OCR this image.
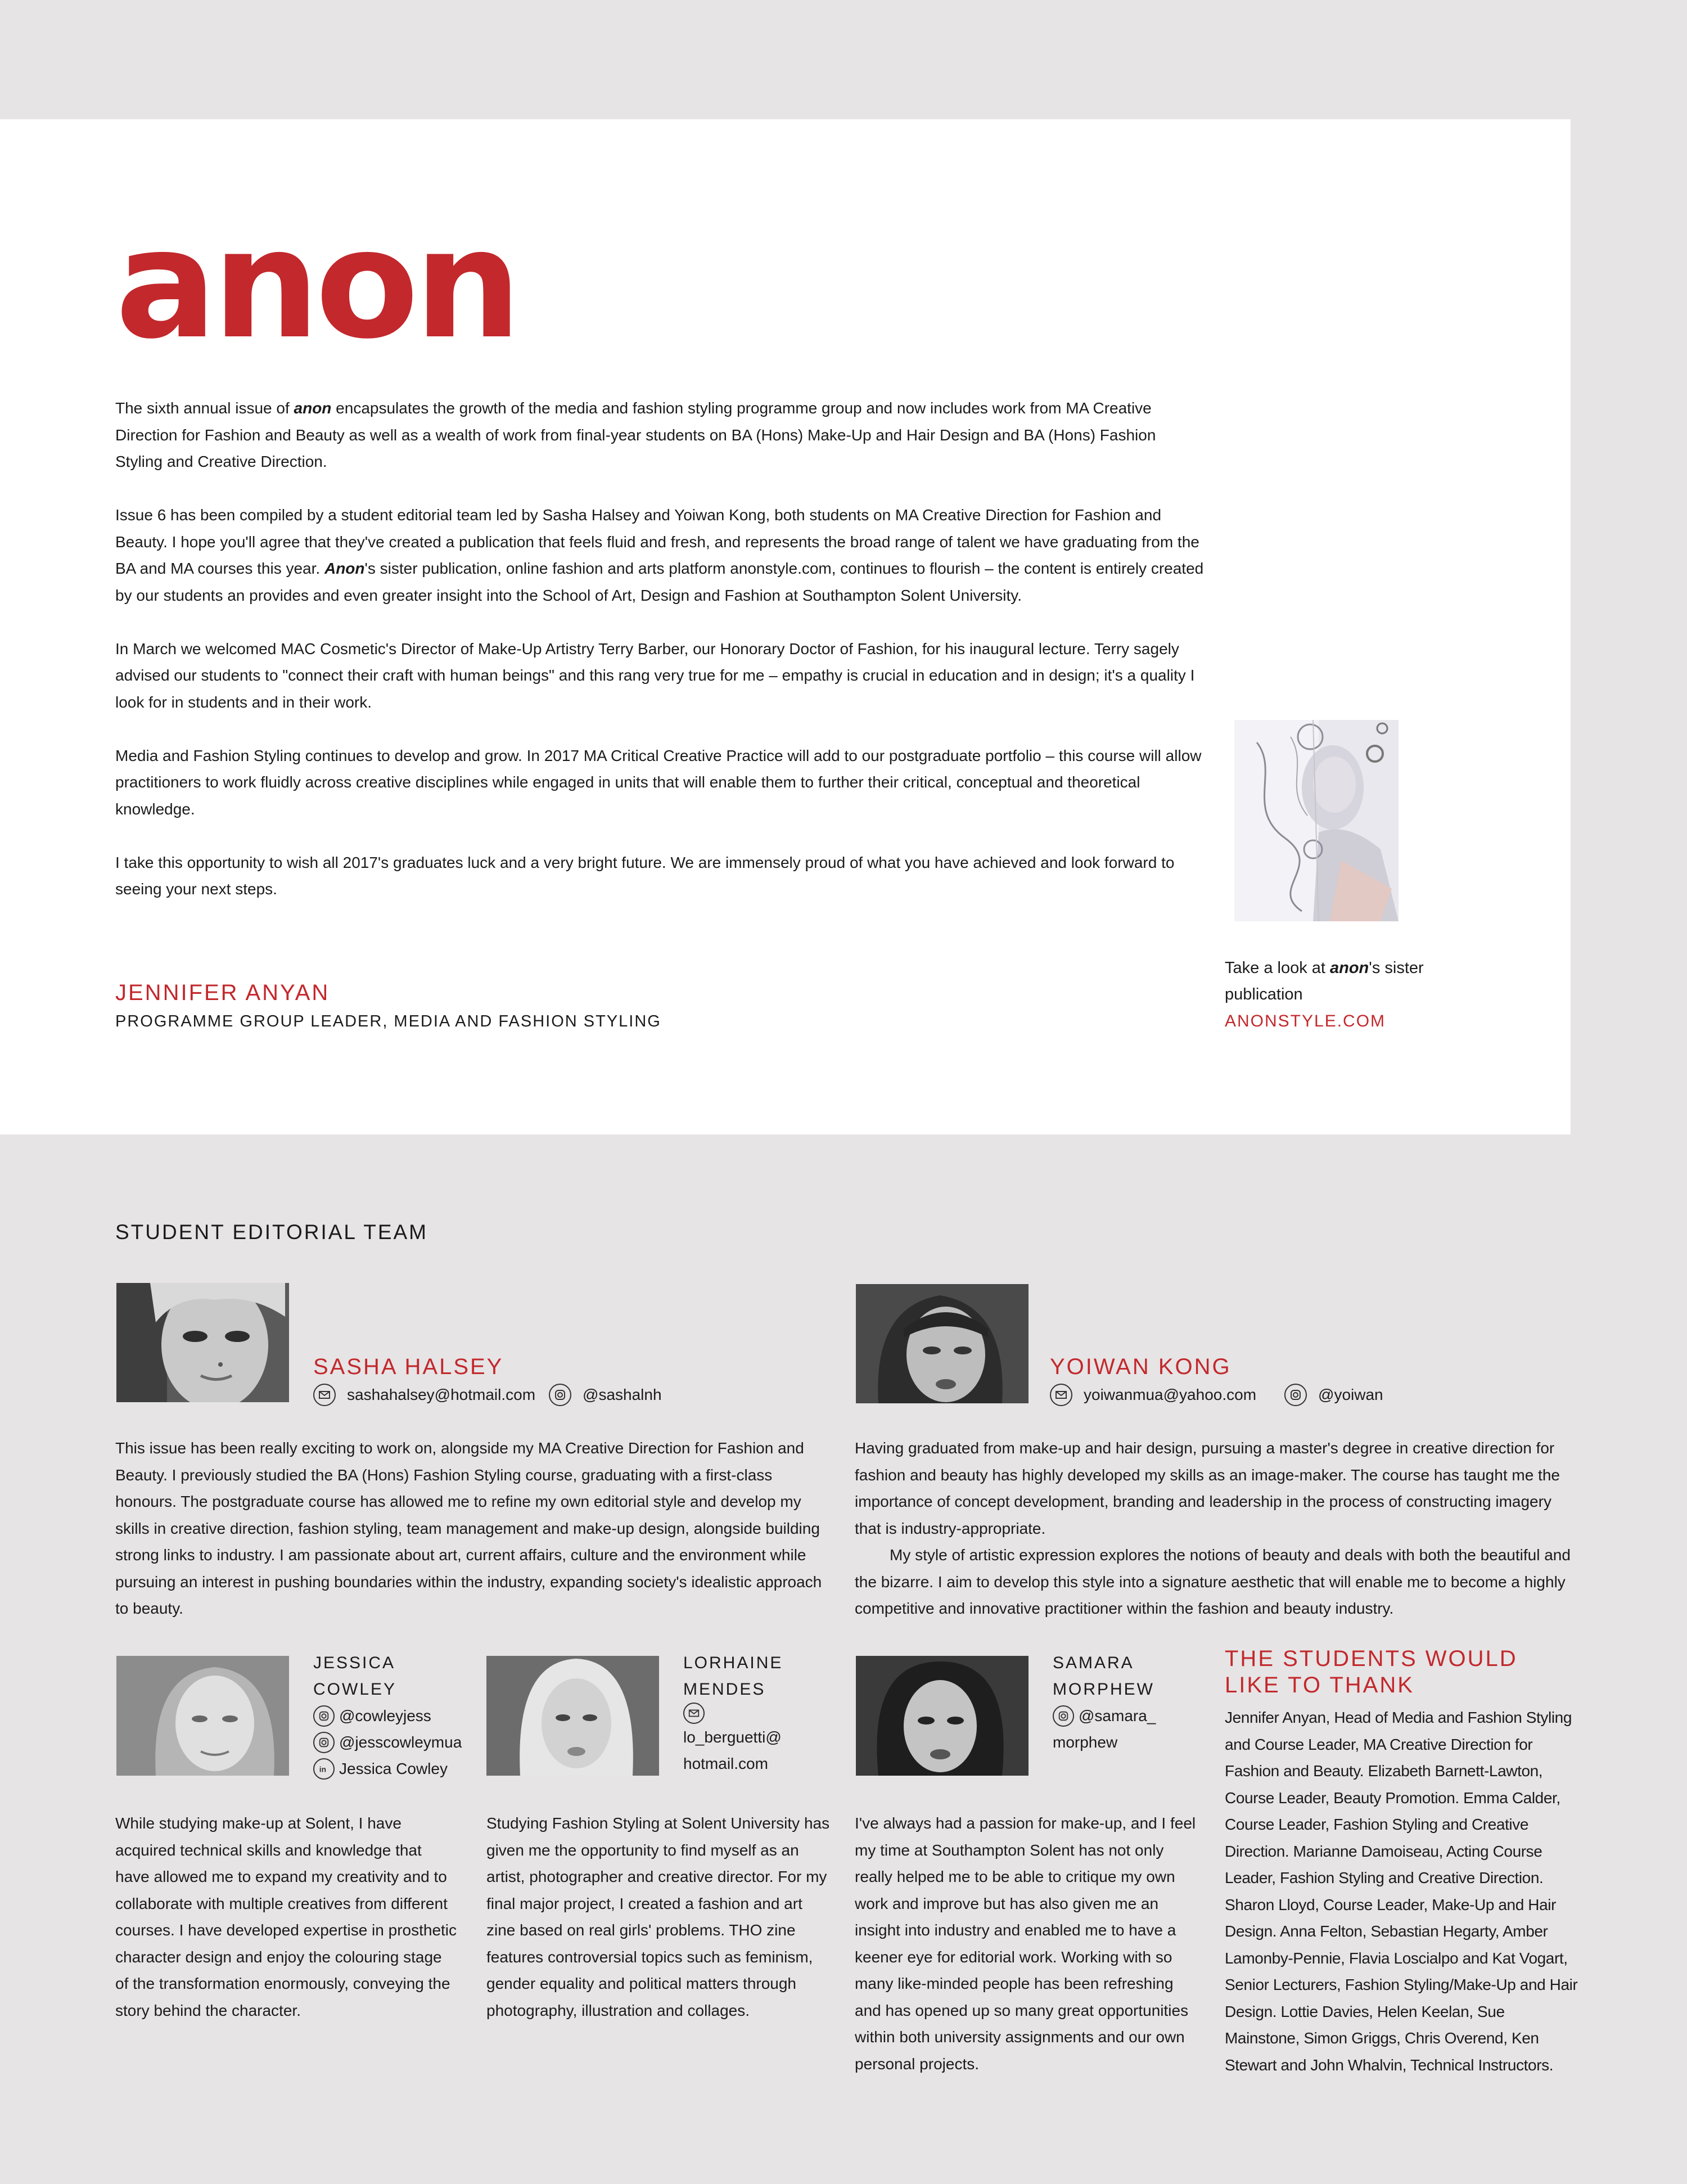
anon

The sixth annual issue of anon encapsulates the growth of the media and fashion styling programme group and now includes work from MA Creative Direction for Fashion and Beauty as well as a wealth of work from final-year students on BA (Hons) Make-Up and Hair Design and BA (Hons) Fashion Styling and Creative Direction.

Issue 6 has been compiled by a student editorial team led by Sasha Halsey and Yoiwan Kong, both students on MA Creative Direction for Fashion and Beauty. I hope you'll agree that they've created a publication that feels fluid and fresh, and represents the broad range of talent we have graduating from the BA and MA courses this year. Anon's sister publication, online fashion and arts platform anonstyle.com, continues to flourish – the content is entirely created by our students an provides and even greater insight into the School of Art, Design and Fashion at Southampton Solent University.

In March we welcomed MAC Cosmetic's Director of Make-Up Artistry Terry Barber, our Honorary Doctor of Fashion, for his inaugural lecture. Terry sagely advised our students to "connect their craft with human beings" and this rang very true for me – empathy is crucial in education and in design; it's a quality I look for in students and in their work.

Media and Fashion Styling continues to develop and grow. In 2017 MA Critical Creative Practice will add to our postgraduate portfolio – this course will allow practitioners to work fluidly across creative disciplines while engaged in units that will enable them to further their critical, conceptual and theoretical knowledge.

I take this opportunity to wish all 2017's graduates luck and a very bright future. We are immensely proud of what you have achieved and look forward to seeing your next steps.

JENNIFER ANYAN
PROGRAMME GROUP LEADER, MEDIA AND FASHION STYLING
Take a look at anon's sister publication
ANONSTYLE.COM
STUDENT EDITORIAL TEAM
SASHA HALSEY
sashahalsey@hotmail.com	@sashalnh
This issue has been really exciting to work on, alongside my MA Creative Direction for Fashion and Beauty. I previously studied the BA (Hons) Fashion Styling course, graduating with a first-class honours. The postgraduate course has allowed me to refine my own editorial style and develop my skills in creative direction, fashion styling, team management and make-up design, alongside building strong links to industry. I am passionate about art, current affairs, culture and the environment while pursuing an interest in pushing boundaries within the industry, expanding society's idealistic approach to beauty.
YOIWAN KONG
yoiwanmua@yahoo.com	@yoiwan

Having graduated from make-up and hair design, pursuing a master's degree in creative direction for fashion and beauty has highly developed my skills as an image-maker. The course has taught me the importance of concept development, branding and leadership in the process of constructing imagery that is industry-appropriate.

My style of artistic expression explores the notions of beauty and deals with both the beautiful and the bizarre. I aim to develop this style into a signature aesthetic that will enable me to become a highly competitive and innovative practitioner within the fashion and beauty industry.

JESSICA
COWLEY
@cowleyjess
@jesscowleymua
in Jessica Cowley
While studying make-up at Solent, I have acquired technical skills and knowledge that have allowed me to expand my creativity and to collaborate with multiple creatives from different courses. I have developed expertise in prosthetic character design and enjoy the colouring stage of the transformation enormously, conveying the story behind the character.
LORHAINE
MENDES
lo_berguetti@
hotmail.com
Studying Fashion Styling at Solent University has given me the opportunity to find myself as an artist, photographer and creative director. For my final major project, I created a fashion and art zine based on real girls' problems. THO zine features controversial topics such as feminism, gender equality and political matters through photography, illustration and collages.
SAMARA
MORPHEW
@samara_
morphew
I've always had a passion for make-up, and I feel my time at Southampton Solent has not only really helped me to be able to critique my own work and improve but has also given me an insight into industry and enabled me to have a keener eye for editorial work. Working with so many like-minded people has been refreshing and has opened up so many great opportunities within both university assignments and our own personal projects.
THE STUDENTS WOULD
LIKE TO THANK
Jennifer Anyan, Head of Media and Fashion Styling and Course Leader, MA Creative Direction for Fashion and Beauty. Elizabeth Barnett-Lawton, Course Leader, Beauty Promotion. Emma Calder, Course Leader, Fashion Styling and Creative Direction. Marianne Damoiseau, Acting Course Leader, Fashion Styling and Creative Direction. Sharon Lloyd, Course Leader, Make-Up and Hair Design. Anna Felton, Sebastian Hegarty, Amber Lamonby-Pennie, Flavia Loscialpo and Kat Vogart, Senior Lecturers, Fashion Styling/Make-Up and Hair Design. Lottie Davies, Helen Keelan, Sue Mainstone, Simon Griggs, Chris Overend, Ken Stewart and John Whalvin, Technical Instructors.
